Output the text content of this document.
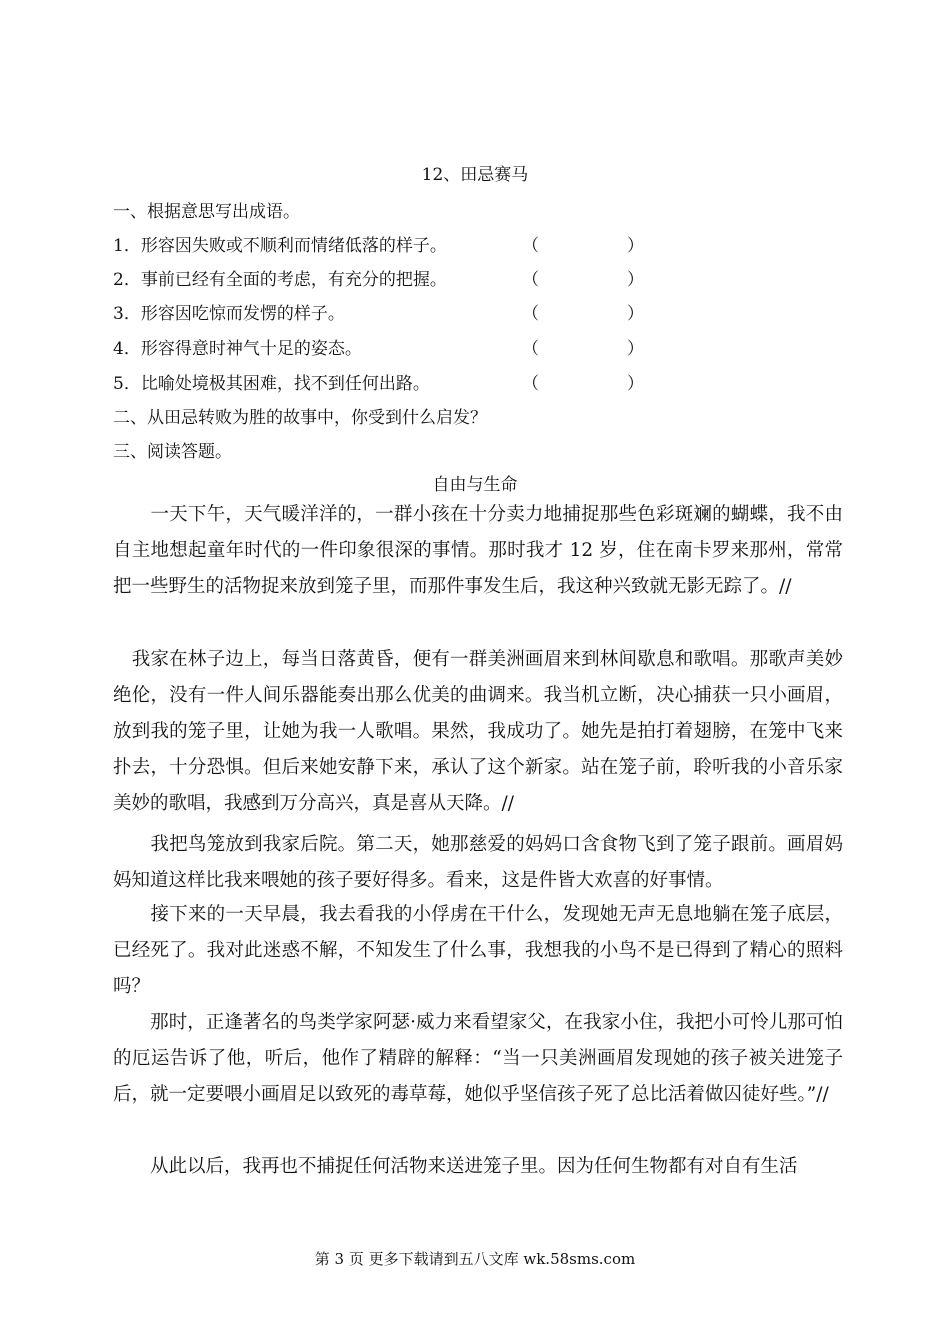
12、田忌赛马
一、根据意思写出成语。
1．形容因失败或不顺利而情绪低落的样子。	（	）
2．事前已经有全面的考虑，有充分的把握。	（	）
3．形容因吃惊而发愣的样子。	（	）
4．形容得意时神气十足的姿态。	（	）
5．比喻处境极其困难，找不到任何出路。	（	）
二、从田忌转败为胜的故事中，你受到什么启发？
三、阅读答题。
自由与生命

　　一天下午，天气暖洋洋的，一群小孩在十分卖力地捕捉那些色彩斑斓的蝴蝶，我不由自主地想起童年时代的一件印象很深的事情。那时我才 12 岁，住在南卡罗来那州，常常把一些野生的活物捉来放到笼子里，而那件事发生后，我这种兴致就无影无踪了。//

　我家在林子边上，每当日落黄昏，便有一群美洲画眉来到林间歇息和歌唱。那歌声美妙绝伦，没有一件人间乐器能奏出那么优美的曲调来。我当机立断，决心捕获一只小画眉，放到我的笼子里，让她为我一人歌唱。果然，我成功了。她先是拍打着翅膀，在笼中飞来扑去，十分恐惧。但后来她安静下来，承认了这个新家。站在笼子前，聆听我的小音乐家美妙的歌唱，我感到万分高兴，真是喜从天降。//

　　我把鸟笼放到我家后院。第二天，她那慈爱的妈妈口含食物飞到了笼子跟前。画眉妈妈知道这样比我来喂她的孩子要好得多。看来，这是件皆大欢喜的好事情。

　　接下来的一天早晨，我去看我的小俘虏在干什么，发现她无声无息地躺在笼子底层，已经死了。我对此迷惑不解，不知发生了什么事，我想我的小鸟不是已得到了精心的照料吗？

　　那时，正逢著名的鸟类学家阿瑟·威力来看望家父，在我家小住，我把小可怜儿那可怕的厄运告诉了他，听后，他作了精辟的解释：“当一只美洲画眉发现她的孩子被关进笼子后，就一定要喂小画眉足以致死的毒草莓，她似乎坚信孩子死了总比活着做囚徒好些。”//

　　从此以后，我再也不捕捉任何活物来送进笼子里。因为任何生物都有对自有生活

第 3 页 更多下载请到五八文库 wk.58sms.com
